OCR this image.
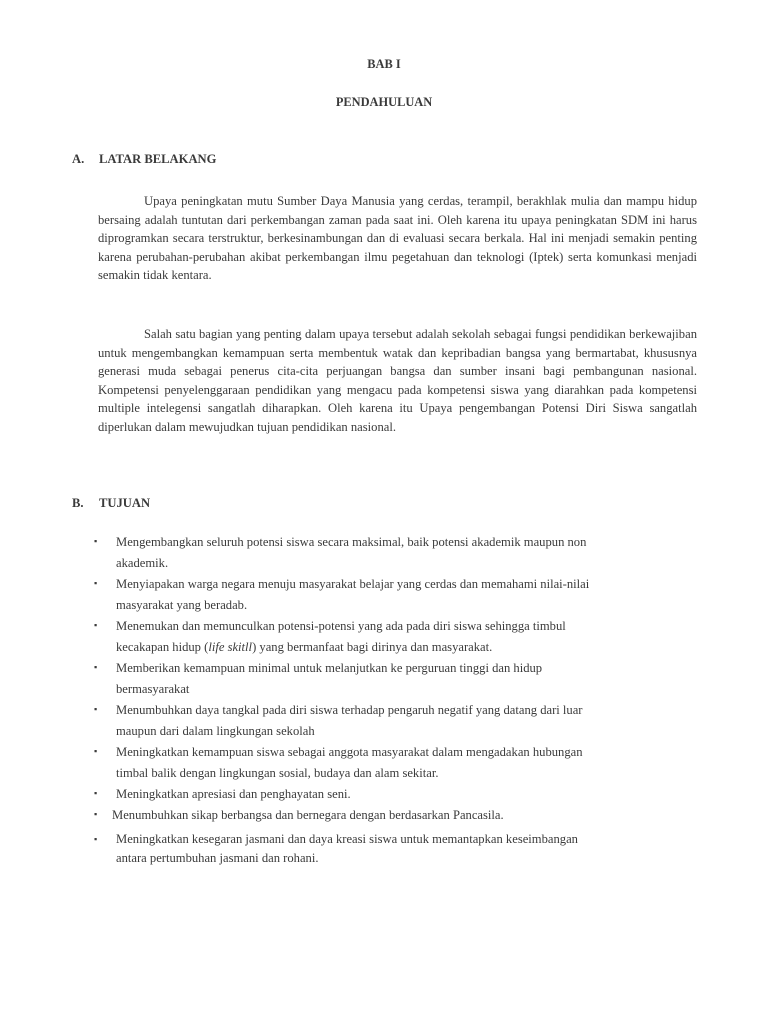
BAB I
PENDAHULUAN
A. LATAR BELAKANG

Upaya peningkatan mutu Sumber Daya Manusia yang cerdas, terampil, berakhlak mulia dan mampu hidup bersaing adalah tuntutan dari perkembangan zaman pada saat ini. Oleh karena itu upaya peningkatan SDM ini harus diprogramkan secara terstruktur, berkesinambungan dan di evaluasi secara berkala. Hal ini menjadi semakin penting karena perubahan-perubahan akibat perkembangan ilmu pegetahuan dan teknologi (Iptek) serta komunkasi menjadi semakin tidak kentara.

Salah satu bagian yang penting dalam upaya tersebut adalah sekolah sebagai fungsi pendidikan berkewajiban untuk mengembangkan kemampuan serta membentuk watak dan kepribadian bangsa yang bermartabat, khususnya generasi muda sebagai penerus cita-cita perjuangan bangsa dan sumber insani bagi pembangunan nasional. Kompetensi penyelenggaraan pendidikan yang mengacu pada kompetensi siswa yang diarahkan pada kompetensi multiple intelegensi sangatlah diharapkan. Oleh karena itu Upaya pengembangan Potensi Diri Siswa sangatlah diperlukan dalam mewujudkan tujuan pendidikan nasional.

B. TUJUAN
▪ Mengembangkan seluruh potensi siswa secara maksimal, baik potensi akademik maupun non
akademik.

▪ Menyiapakan warga negara menuju masyarakat belajar yang cerdas dan memahami nilai-nilai
masyarakat yang beradab.

▪ Menemukan dan memunculkan potensi-potensi yang ada pada diri siswa sehingga timbul
kecakapan hidup (life skitll) yang bermanfaat bagi dirinya dan masyarakat.

▪ Memberikan kemampuan minimal untuk melanjutkan ke perguruan tinggi dan hidup
bermasyarakat

▪ Menumbuhkan daya tangkal pada diri siswa terhadap pengaruh negatif yang datang dari luar
maupun dari dalam lingkungan sekolah

▪ Meningkatkan kemampuan siswa sebagai anggota masyarakat dalam mengadakan hubungan
timbal balik dengan lingkungan sosial, budaya dan alam sekitar.

▪ Meningkatkan apresiasi dan penghayatan seni.

▪ Menumbuhkan sikap berbangsa dan bernegara dengan berdasarkan Pancasila.

▪ Meningkatkan kesegaran jasmani dan daya kreasi siswa untuk memantapkan keseimbangan
antara pertumbuhan jasmani dan rohani.
